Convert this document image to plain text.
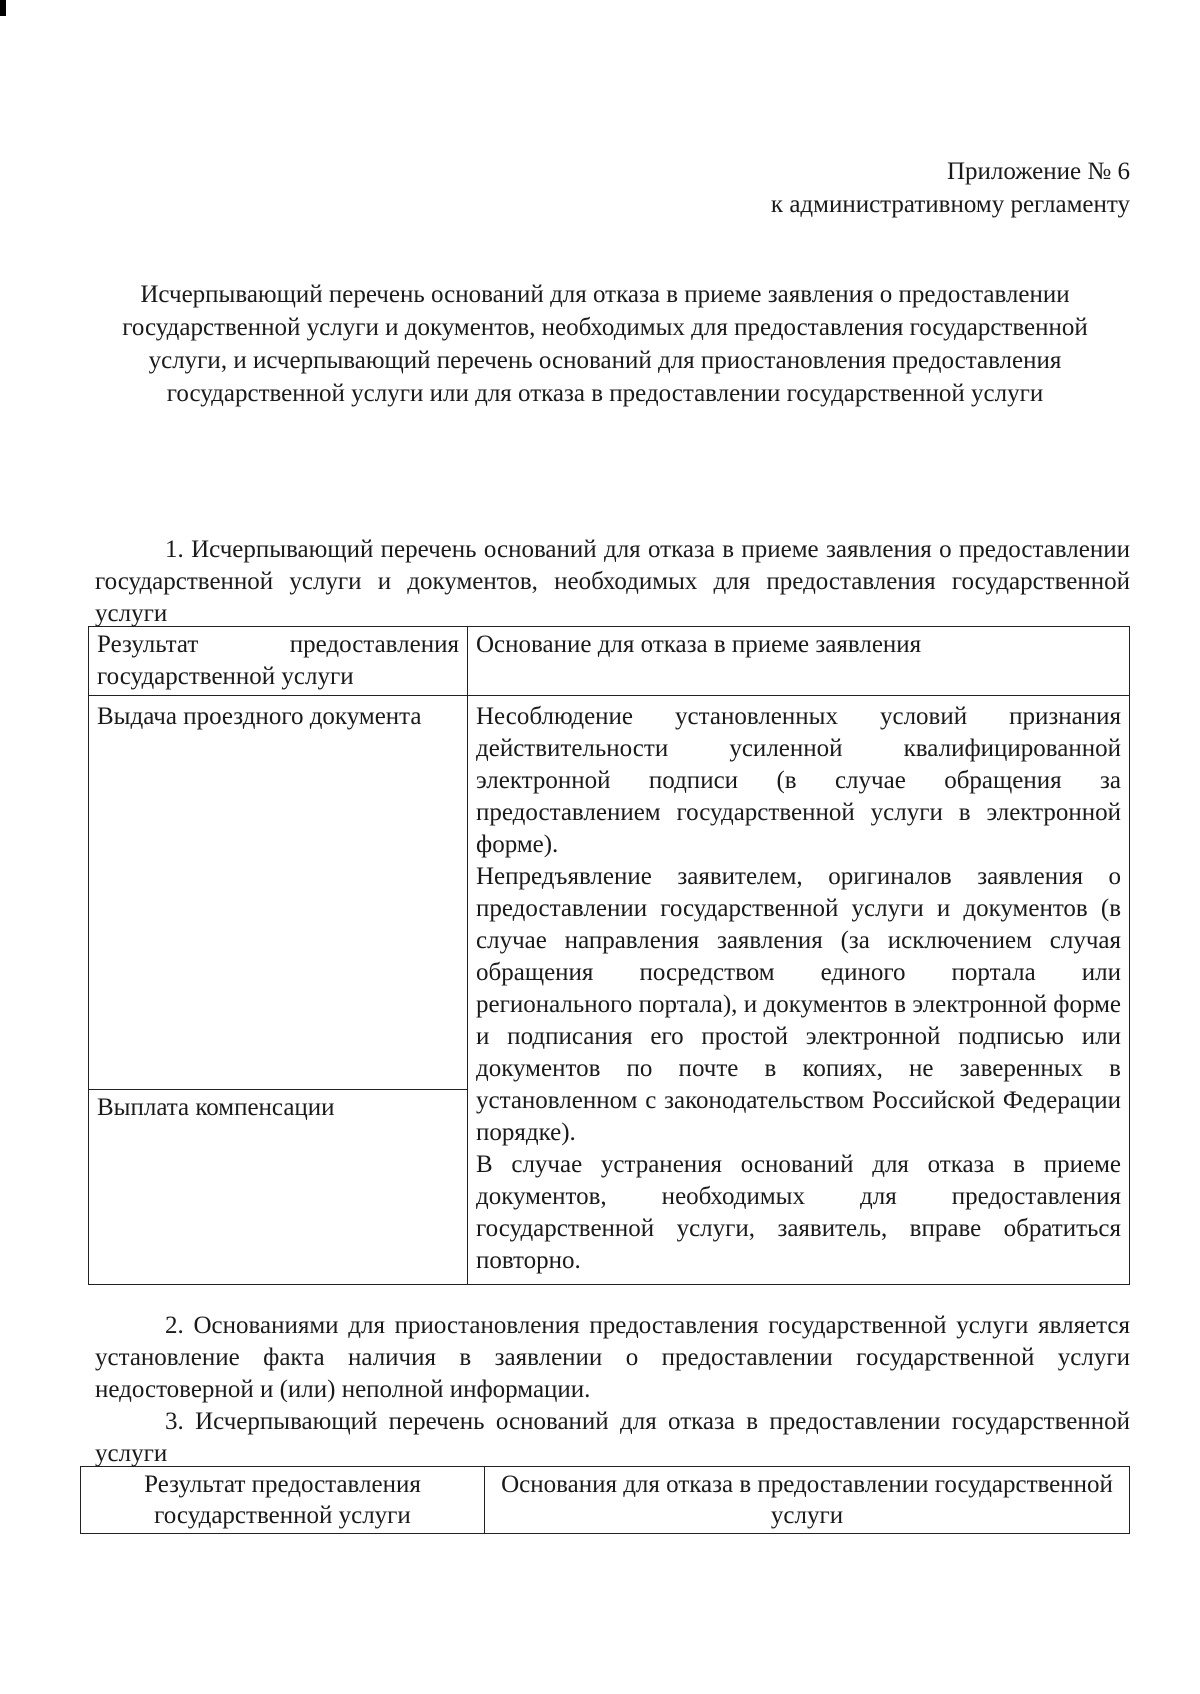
Приложение № 6
к административному регламенту
Исчерпывающий перечень оснований для отказа в приеме заявления о предоставлении государственной услуги и документов, необходимых для предоставления государственной услуги, и исчерпывающий перечень оснований для приостановления предоставления государственной услуги или для отказа в предоставлении государственной услуги
1. Исчерпывающий перечень оснований для отказа в приеме заявления о предоставлении государственной услуги и документов, необходимых для предоставления государственной услуги
Результат предоставления государственной услуги	Основание для отказа в приеме заявления
Выдача проездного документа	Несоблюдение установленных условий признания действительности усиленной квалифицированной электронной подписи (в случае обращения за предоставлением государственной услуги в электронной форме).
Непредъявление заявителем, оригиналов заявления о предоставлении государственной услуги и документов (в случае направления заявления (за исключением случая обращения посредством единого портала или регионального портала), и документов в электронной форме и подписания его простой электронной подписью или документов по почте в копиях, не заверенных в установленном с законодательством Российской Федерации порядке).
В случае устранения оснований для отказа в приеме документов, необходимых для предоставления государственной услуги, заявитель, вправе обратиться повторно.

Выплата компенсации	
2. Основаниями для приостановления предоставления государственной услуги является установление факта наличия в заявлении о предоставлении государственной услуги недостоверной и (или) неполной информации.
3. Исчерпывающий перечень оснований для отказа в предоставлении государственной услуги
Результат предоставления государственной услуги	Основания для отказа в предоставлении государственной услуги
